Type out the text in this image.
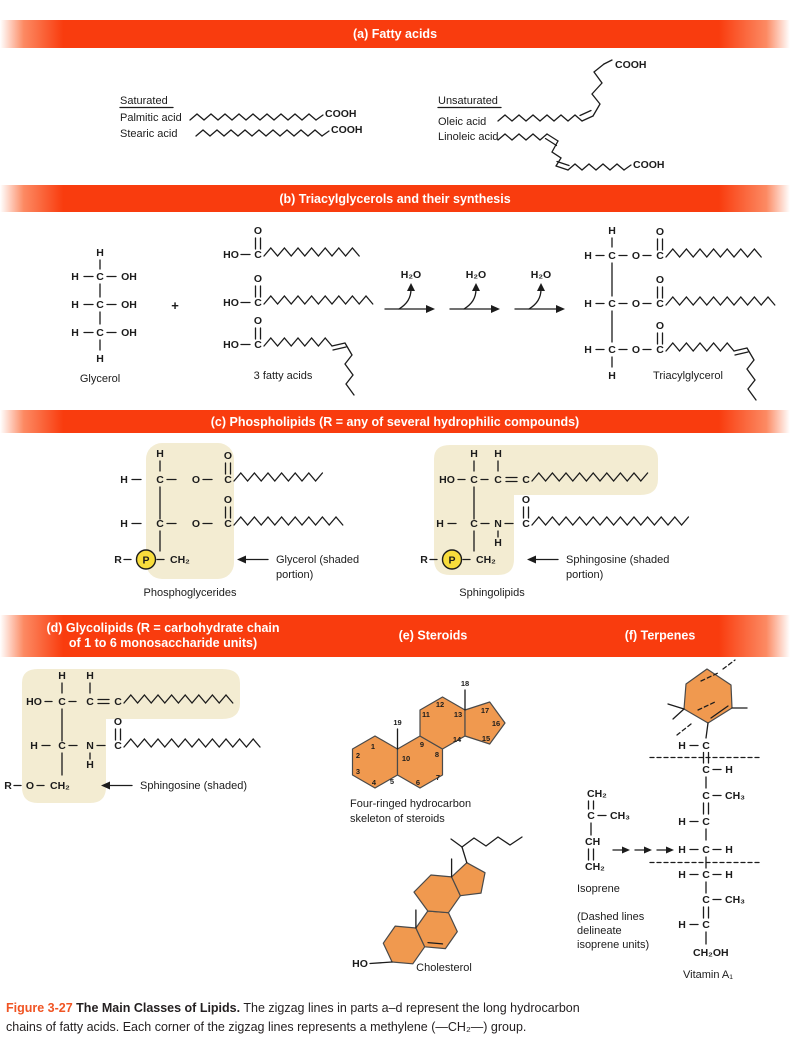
(a) Fatty acids
(b) Triacylglycerols and their synthesis
(c) Phospholipids (R = any of several hydrophilic compounds)
(d) Glycolipids (R = carbohydrate chain
of 1 to 6 monosaccharide units)
(e) Steroids	(f) Terpenes
Saturated
Palmitic acid	COOH
Stearic acid	COOH
Unsaturated
Oleic acid
COOH
Linoleic acid
COOH
H
H C OH
H C OH
H C OH
H
Glycerol
+
O
HO C
O
HO C
O
HO C
3 fatty acids
H₂O	H₂O	H₂O
H
H C O C
O
H C O C
O
H C O C
O
H	Triacylglycerol
H
H	C	O C
O
H	C	O C
O
R P CH₂	Glycerol (shaded
portion)
Phosphoglycerides
H H
HO C C C
H	C N C
O
H
R P CH₂	Sphingosine (shaded
portion)
Sphingolipids
H H
HO C C C
H C N C
O
H
R O CH₂	Sphingosine (shaded)
1
2
3
4 5	6
7
8
9
10
11
12
13
14	15
16
17
18
19
Four-ringed hydrocarbon
skeleton of steroids
HO	Cholesterol
CH₂
C CH₃
CH
CH₂
Isoprene
(Dashed lines
delineate
isoprene units)
H C
C H
C CH₃
H C
H C H
H C H
C CH₃
H C
CH₂OH
Vitamin A₁
Figure 3-27 The Main Classes of Lipids. The zigzag lines in parts a–d represent the long hydrocarbon
chains of fatty acids. Each corner of the zigzag lines represents a methylene (—CH₂—) group.
